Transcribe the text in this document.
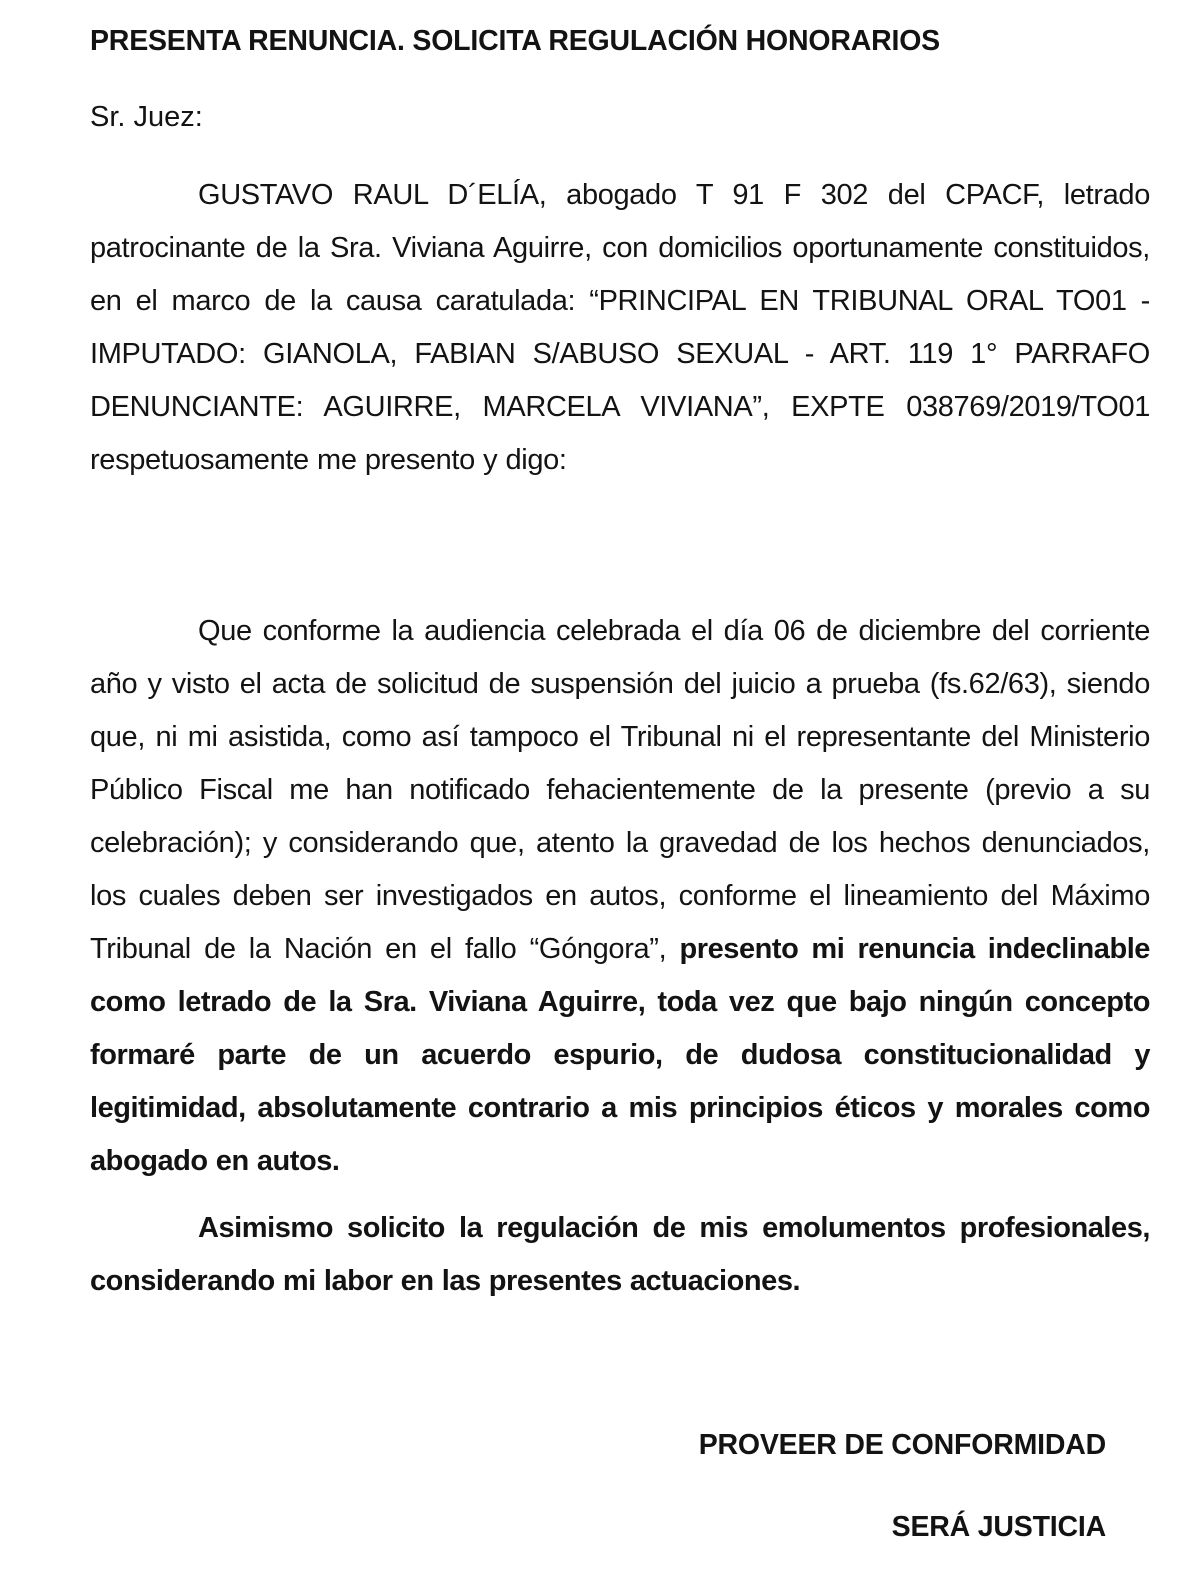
PRESENTA RENUNCIA. SOLICITA REGULACIÓN HONORARIOS
Sr. Juez:
GUSTAVO RAUL D´ELÍA, abogado T 91 F 302 del CPACF, letrado patrocinante de la Sra. Viviana Aguirre, con domicilios oportunamente constituidos, en el marco de la causa caratulada: “PRINCIPAL EN TRIBUNAL ORAL TO01 - IMPUTADO: GIANOLA, FABIAN S/ABUSO SEXUAL - ART. 119 1° PARRAFO DENUNCIANTE: AGUIRRE, MARCELA VIVIANA”, EXPTE 038769/2019/TO01 respetuosamente me presento y digo:
Que conforme la audiencia celebrada el día 06 de diciembre del corriente año y visto el acta de solicitud de suspensión del juicio a prueba (fs.62/63), siendo que, ni mi asistida, como así tampoco el Tribunal ni el representante del Ministerio Público Fiscal me han notificado fehacientemente de la presente (previo a su celebración); y considerando que, atento la gravedad de los hechos denunciados, los cuales deben ser investigados en autos, conforme el lineamiento del Máximo Tribunal de la Nación en el fallo “Góngora”, presento mi renuncia indeclinable como letrado de la Sra. Viviana Aguirre, toda vez que bajo ningún concepto formaré parte de un acuerdo espurio, de dudosa constitucionalidad y legitimidad, absolutamente contrario a mis principios éticos y morales como abogado en autos.
Asimismo solicito la regulación de mis emolumentos profesionales, considerando mi labor en las presentes actuaciones.
PROVEER DE CONFORMIDAD
SERÁ JUSTICIA
